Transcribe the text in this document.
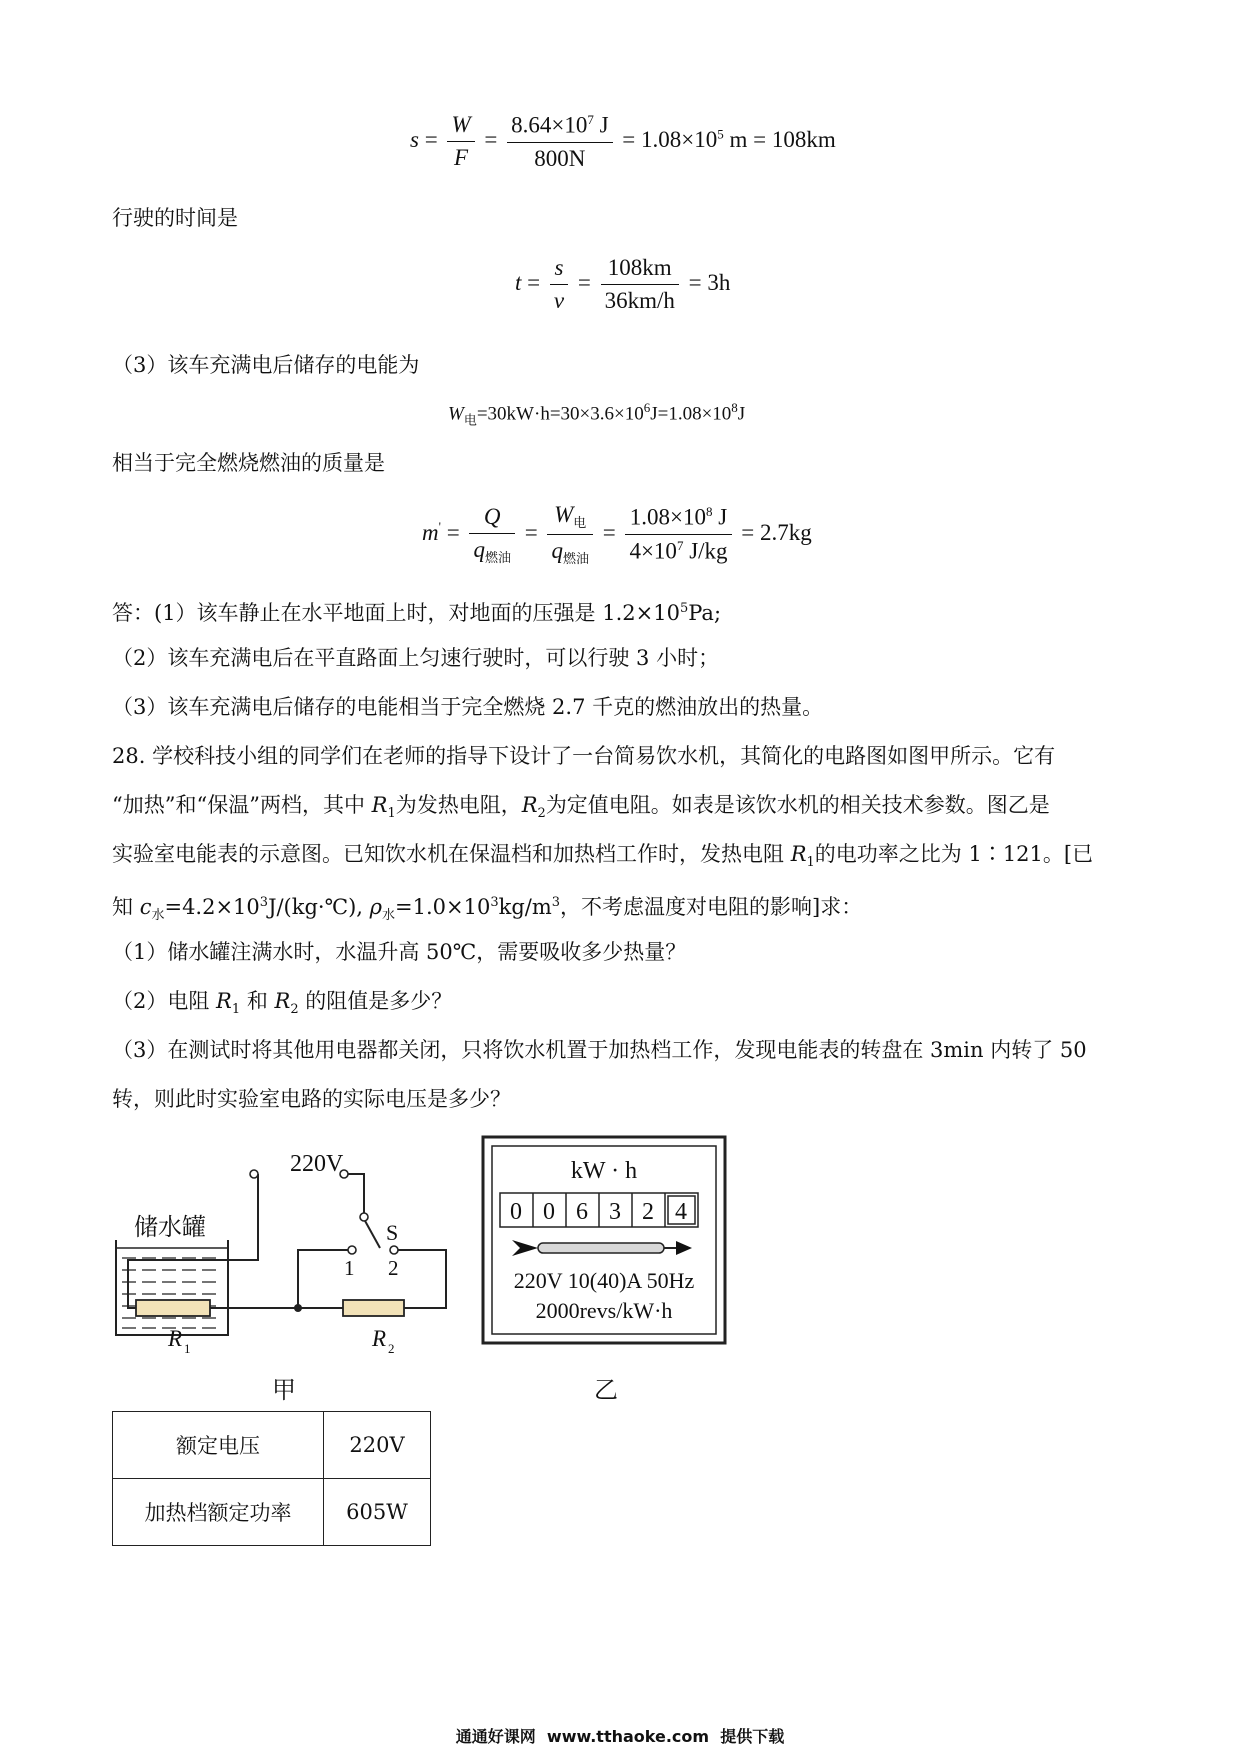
$s = \frac{W}{F} = \frac{8.64\times 10^7 J}{800N} = 1.08\times 10^5$ m = 108km
行驶的时间是
$t = \frac{s}{v} = \frac{108km}{36km/h} = 3h$
（3）该车充满电后储存的电能为
$W_电=30kW\cdot h=30\times 3.6\times 10^6J=1.08\times 10^8J$
相当于完全燃烧燃油的质量是
$m' = \frac{Q}{q_{燃油}} = \frac{W_电}{q_{燃油}} = \frac{1.08\times 10^8 J}{4\times 10^7 J/kg} = 2.7kg$
答：(1）该车静止在水平地面上时，对地面的压强是 $1.2\times 10^5Pa$;
（2）该车充满电后在平直路面上匀速行驶时，可以行驶 3 小时；
（3）该车充满电后储存的电能相当于完全燃烧 2.7 千克的燃油放出的热量。
28. 学校科技小组的同学们在老师的指导下设计了一台简易饮水机，其简化的电路图如图甲所示。它有
“加热”和“保温”两档，其中 $R_1$为发热电阻，$R_2$为定值电阻。如表是该饮水机的相关技术参数。图乙是
实验室电能表的示意图。已知饮水机在保温档和加热档工作时，发热电阻 $R_1$的电功率之比为 1∶121。[已
知 $c_水=4.2\times 10^3J/(kg\cdot℃)$, $\rho_水=1.0\times 10^3kg/m^3$，不考虑温度对电阻的影响]求：
（1）储水罐注满水时，水温升高 50℃，需要吸收多少热量？
（2）电阻 $R_1$ 和 $R_2$ 的阻值是多少？
（3）在测试时将其他用电器都关闭，只将饮水机置于加热档工作，发现电能表的转盘在 3min 内转了 50
转，则此时实验室电路的实际电压是多少？
220V
储水罐	S
1 2
R 1	R 2
甲
kW · h
0 0 6 3 2 4
220V 10(40)A 50Hz
2000revs/kW·h
乙
额定电压	220V
加热档额定功率	605W
通通好课网  www.tthaoke.com  提供下载
